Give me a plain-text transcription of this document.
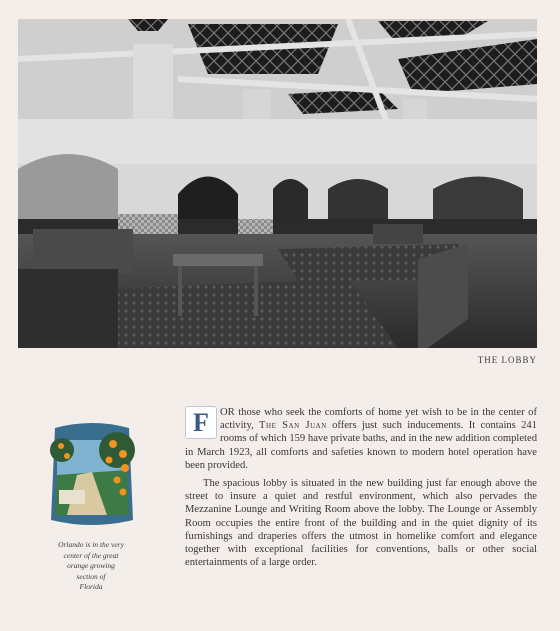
THE LOBBY
Orlando is in the very
center of the great
orange growing
section of
Florida

F	OR those who seek the comforts of home yet wish to be in the center of activity, The San Juan offers just such inducements. It contains 241 rooms of which 159 have private baths, and in the new addition completed in March 1923, all comforts and safeties known to modern hotel operation have been provided.

The spacious lobby is situated in the new building just far enough above the street to insure a quiet and restful environment, which also pervades the Mezzanine Lounge and Writing Room above the lobby. The Lounge or Assembly Room occupies the entire front of the building and in the quiet dignity of its furnishings and draperies offers the utmost in homelike comfort and elegance together with exceptional facilities for conventions, balls or other social entertainments of a large order.
